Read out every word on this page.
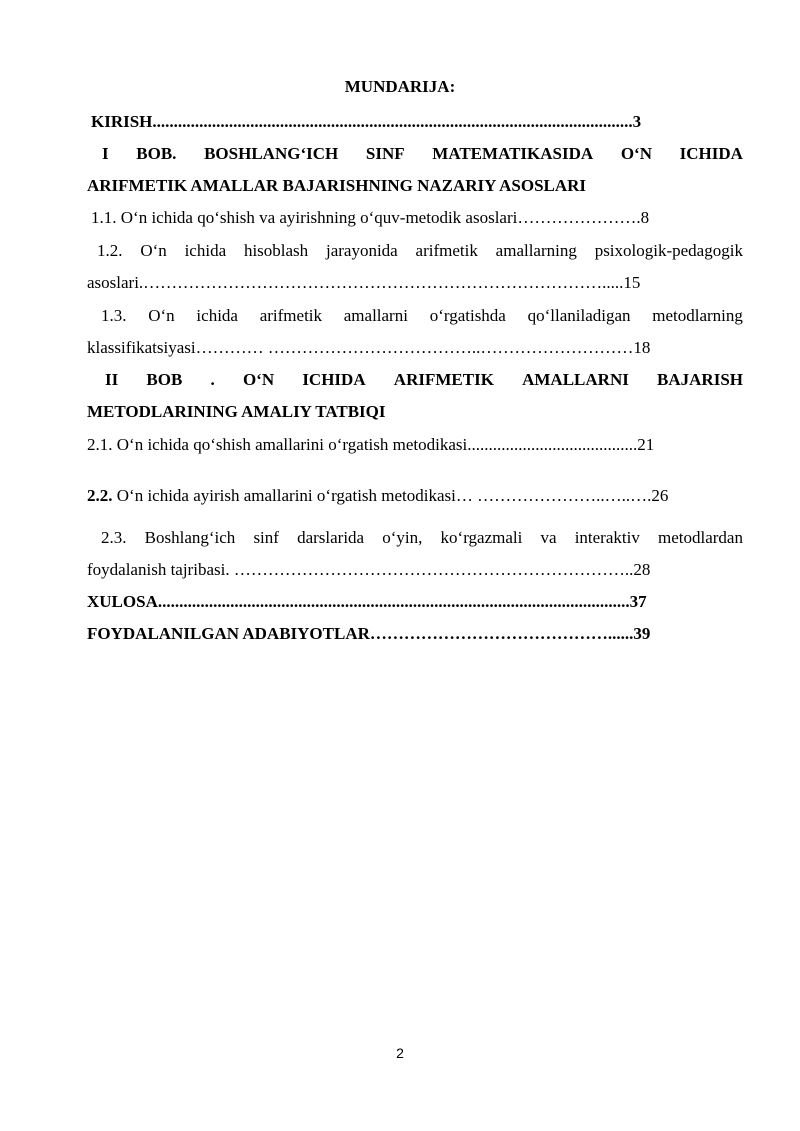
MUNDARIJA:
KIRISH.................................................................................................................3
I BOB. BOSHLANG‘ICH SINF MATEMATIKASIDA O‘N ICHIDA
ARIFMETIK AMALLAR BAJARISHNING NAZARIY ASOSLARI
1.1. O‘n ichida qo‘shish va ayirishning o‘quv-metodik asoslari………………….8
1.2. O‘n ichida hisoblash jarayonida arifmetik amallarning psixologik-pedagogik
asoslari.……………………………………………………………………….....15
1.3. O‘n ichida arifmetik amallarni o‘rgatishda qo‘llaniladigan metodlarning
klassifikatsiyasi………… ………………………………..………………………18
II BOB . O‘N ICHIDA ARIFMETIK AMALLARNI BAJARISH
METODLARINING AMALIY TATBIQI
2.1. O‘n ichida qo‘shish amallarini o‘rgatish metodikasi........................................21
2.2. O‘n ichida ayirish amallarini o‘rgatish metodikasi… …………………..…..….26
2.3. Boshlang‘ich sinf darslarida o‘yin, ko‘rgazmali va interaktiv metodlardan
foydalanish tajribasi. ……………………………………………………………..28
XULOSA...............................................................................................................37
FOYDALANILGAN ADABIYOTLAR……………………………………......39
2
